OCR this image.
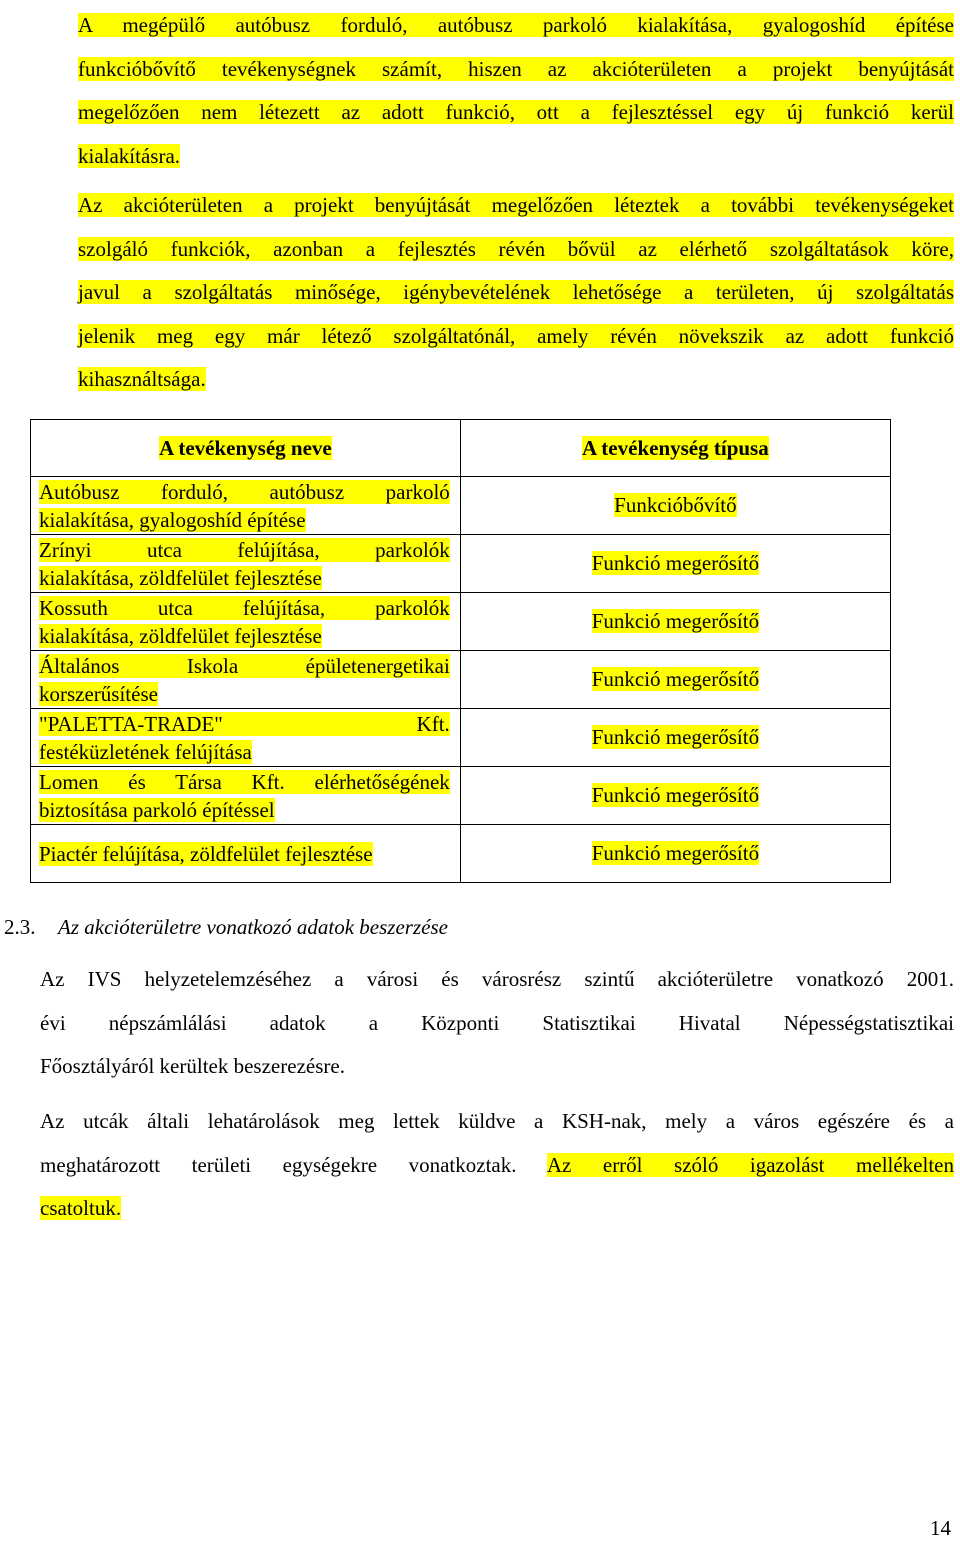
A megépülő autóbusz forduló, autóbusz parkoló kialakítása, gyalogoshíd építése
funkcióbővítő tevékenységnek számít, hiszen az akcióterületen a projekt benyújtását
megelőzően nem létezett az adott funkció, ott a fejlesztéssel egy új funkció kerül
kialakításra.
Az akcióterületen a projekt benyújtását megelőzően léteztek a további tevékenységeket
szolgáló funkciók, azonban a fejlesztés révén bővül az elérhető szolgáltatások köre,
javul a szolgáltatás minősége, igénybevételének lehetősége a területen, új szolgáltatás
jelenik meg egy már létező szolgáltatónál, amely révén növekszik az adott funkció
kihasználtsága.
A tevékenység neve	A tevékenység típusa

Autóbusz forduló, autóbusz parkoló
kialakítása, gyalogoshíd építése	Funkcióbővítő

Zrínyi utca felújítása, parkolók
kialakítása, zöldfelület fejlesztése	Funkció megerősítő

Kossuth utca felújítása, parkolók
kialakítása, zöldfelület fejlesztése	Funkció megerősítő

Általános Iskola épületenergetikai
korszerűsítése	Funkció megerősítő

"PALETTA-TRADE" Kft.
festéküzletének felújítása	Funkció megerősítő

Lomen és Társa Kft. elérhetőségének
biztosítása parkoló építéssel	Funkció megerősítő

Piactér felújítása, zöldfelület fejlesztése	Funkció megerősítő
2.3. Az akcióterületre vonatkozó adatok beszerzése
Az IVS helyzetelemzéséhez a városi és városrész szintű akcióterületre vonatkozó 2001.
évi népszámlálási adatok a Központi Statisztikai Hivatal Népességstatisztikai
Főosztályáról kerültek beszerezésre.
Az utcák általi lehatárolások meg lettek küldve a KSH-nak, mely a város egészére és a
meghatározott területi egységekre vonatkoztak. Az erről szóló igazolást mellékelten
csatoltuk.
14
